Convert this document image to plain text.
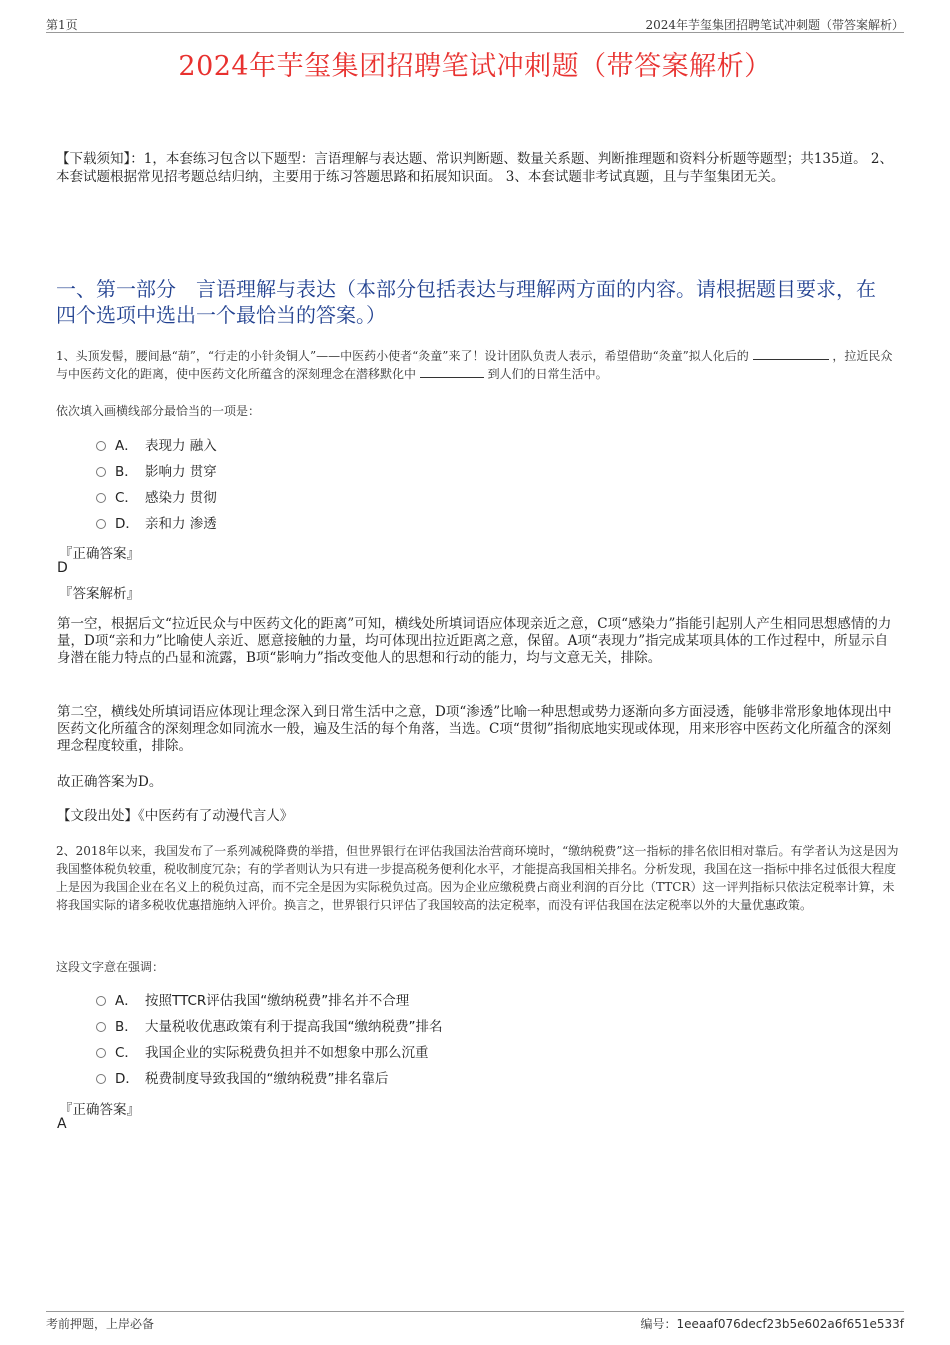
第1页	2024年芋玺集团招聘笔试冲刺题（带答案解析）
2024年芋玺集团招聘笔试冲刺题（带答案解析）
【下载须知】：1，本套练习包含以下题型：言语理解与表达题、常识判断题、数量关系题、判断推理题和资料分析题等题型；共135道。 2、本套试题根据常见招考题总结归纳，主要用于练习答题思路和拓展知识面。 3、本套试题非考试真题，且与芋玺集团无关。
一、第一部分　言语理解与表达（本部分包括表达与理解两方面的内容。请根据题目要求，在四个选项中选出一个最恰当的答案。）
1、头顶发髻，腰间悬“葫”，“行走的小针灸铜人”——中医药小使者“灸童”来了！设计团队负责人表示，希望借助“灸童”拟人化后的	，拉近民众与中医药文化的距离，使中医药文化所蕴含的深刻理念在潜移默化中	到人们的日常生活中。
依次填入画横线部分最恰当的一项是：
A． 表现力 融入
B． 影响力 贯穿
C． 感染力 贯彻
D． 亲和力 渗透
『正确答案』
D
『答案解析』
第一空，根据后文“拉近民众与中医药文化的距离”可知，横线处所填词语应体现亲近之意，C项“感染力”指能引起别人产生相同思想感情的力量，D项“亲和力”比喻使人亲近、愿意接触的力量，均可体现出拉近距离之意，保留。A项“表现力”指完成某项具体的工作过程中，所显示自身潜在能力特点的凸显和流露，B项“影响力”指改变他人的思想和行动的能力，均与文意无关，排除。
第二空，横线处所填词语应体现让理念深入到日常生活中之意，D项“渗透”比喻一种思想或势力逐渐向多方面浸透，能够非常形象地体现出中医药文化所蕴含的深刻理念如同流水一般，遍及生活的每个角落，当选。C项“贯彻”指彻底地实现或体现，用来形容中医药文化所蕴含的深刻理念程度较重，排除。
故正确答案为D。
【文段出处】《中医药有了动漫代言人》
2、2018年以来，我国发布了一系列减税降费的举措，但世界银行在评估我国法治营商环境时，“缴纳税费”这一指标的排名依旧相对靠后。有学者认为这是因为我国整体税负较重，税收制度冗杂；有的学者则认为只有进一步提高税务便利化水平，才能提高我国相关排名。分析发现，我国在这一指标中排名过低很大程度上是因为我国企业在名义上的税负过高，而不完全是因为实际税负过高。因为企业应缴税费占商业利润的百分比（TTCR）这一评判指标只依法定税率计算，未将我国实际的诸多税收优惠措施纳入评价。换言之，世界银行只评估了我国较高的法定税率，而没有评估我国在法定税率以外的大量优惠政策。
这段文字意在强调：
A． 按照TTCR评估我国“缴纳税费”排名并不合理
B． 大量税收优惠政策有利于提高我国“缴纳税费”排名
C． 我国企业的实际税费负担并不如想象中那么沉重
D． 税费制度导致我国的“缴纳税费”排名靠后
『正确答案』
A
考前押题，上岸必备	编号：1eeaaf076decf23b5e602a6f651e533f
